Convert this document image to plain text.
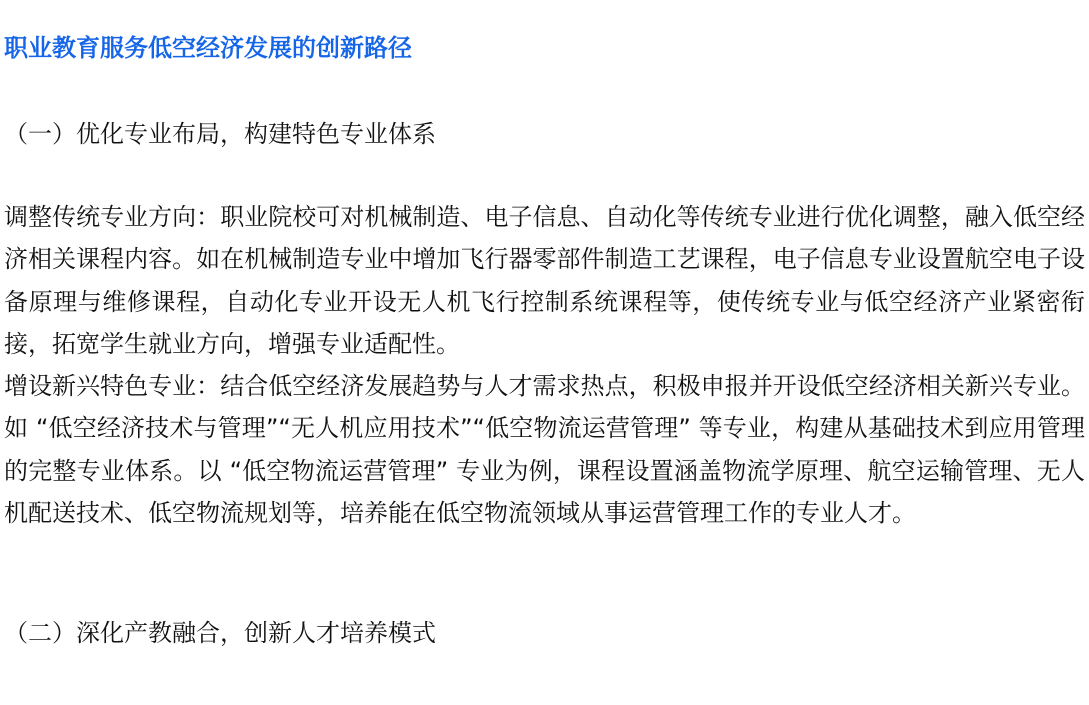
职业教育服务低空经济发展的创新路径
（一）优化专业布局，构建特色专业体系

调整传统专业方向：职业院校可对机械制造、电子信息、自动化等传统专业进行优化调整，融入低空经济相关课程内容。如在机械制造专业中增加飞行器零部件制造工艺课程，电子信息专业设置航空电子设备原理与维修课程，自动化专业开设无人机飞行控制系统课程等，使传统专业与低空经济产业紧密衔接，拓宽学生就业方向，增强专业适配性。

增设新兴特色专业：结合低空经济发展趋势与人才需求热点，积极申报并开设低空经济相关新兴专业。如 “低空经济技术与管理”“无人机应用技术”“低空物流运营管理” 等专业，构建从基础技术到应用管理的完整专业体系。以 “低空物流运营管理” 专业为例，课程设置涵盖物流学原理、航空运输管理、无人机配送技术、低空物流规划等，培养能在低空物流领域从事运营管理工作的专业人才。

（二）深化产教融合，创新人才培养模式
